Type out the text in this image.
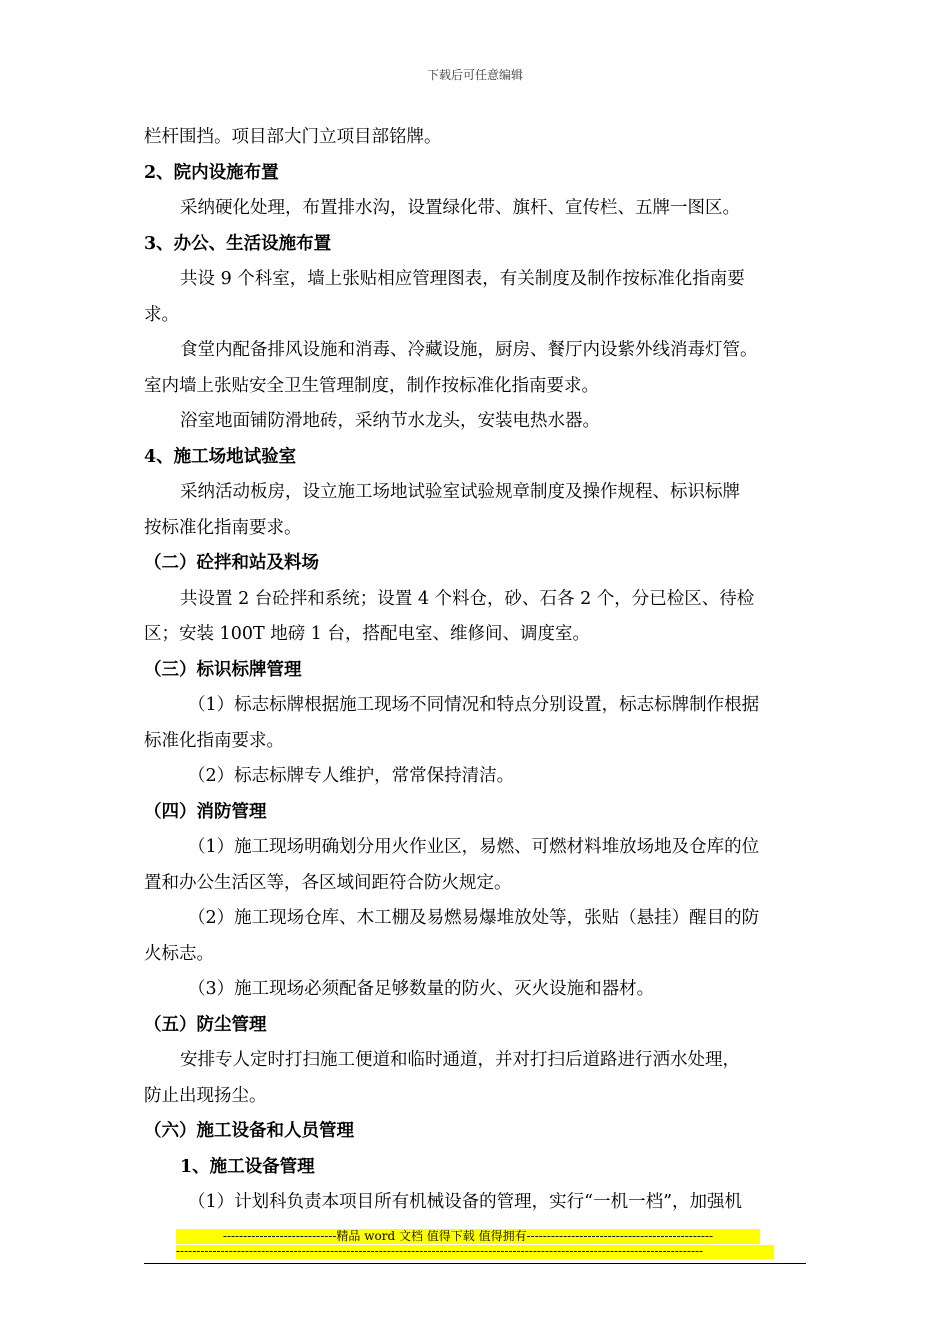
下载后可任意编辑

栏杆围挡。项目部大门立项目部铭牌。

2、院内设施布置

采纳硬化处理，布置排水沟，设置绿化带、旗杆、宣传栏、五牌一图区。

3、办公、生活设施布置

共设 9 个科室，墙上张贴相应管理图表，有关制度及制作按标准化指南要

求。

食堂内配备排风设施和消毒、冷藏设施，厨房、餐厅内设紫外线消毒灯管。

室内墙上张贴安全卫生管理制度，制作按标准化指南要求。

浴室地面铺防滑地砖，采纳节水龙头，安装电热水器。

4、施工场地试验室

采纳活动板房，设立施工场地试验室试验规章制度及操作规程、标识标牌

按标准化指南要求。

（二）砼拌和站及料场

共设置 2 台砼拌和系统；设置 4 个料仓，砂、石各 2 个，分已检区、待检

区；安装 100T 地磅 1 台，搭配电室、维修间、调度室。

（三）标识标牌管理

（1）标志标牌根据施工现场不同情况和特点分别设置，标志标牌制作根据

标准化指南要求。

（2）标志标牌专人维护，常常保持清洁。

（四）消防管理

（1）施工现场明确划分用火作业区，易燃、可燃材料堆放场地及仓库的位

置和办公生活区等，各区域间距符合防火规定。

（2）施工现场仓库、木工棚及易燃易爆堆放处等，张贴（悬挂）醒目的防

火标志。

（3）施工现场必须配备足够数量的防火、灭火设施和器材。

（五）防尘管理

安排专人定时打扫施工便道和临时通道，并对打扫后道路进行洒水处理，

防止出现扬尘。

（六）施工设备和人员管理

1、施工设备管理

（1）计划科负责本项目所有机械设备的管理，实行“一机一档”，加强机

----------------------------精品 word 文档 值得下载 值得拥有----------------------------------------------
----------------------------------------------------------------------------------------------------------------------------------
